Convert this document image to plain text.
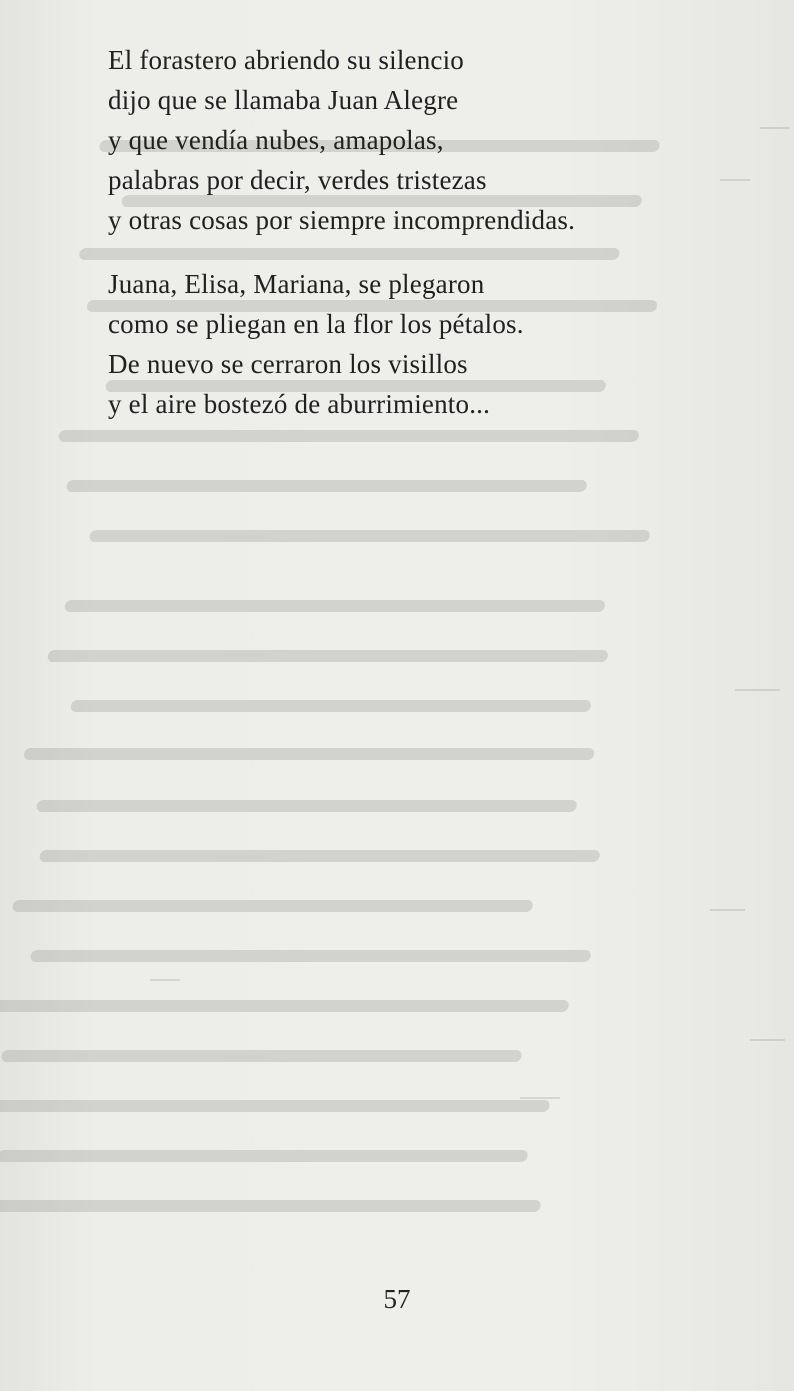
El forastero abriendo su silencio
dijo que se llamaba Juan Alegre
y que vendía nubes, amapolas,
palabras por decir, verdes tristezas
y otras cosas por siempre incomprendidas.
Juana, Elisa, Mariana, se plegaron
como se pliegan en la flor los pétalos.
De nuevo se cerraron los visillos
y el aire bostezó de aburrimiento...
57
